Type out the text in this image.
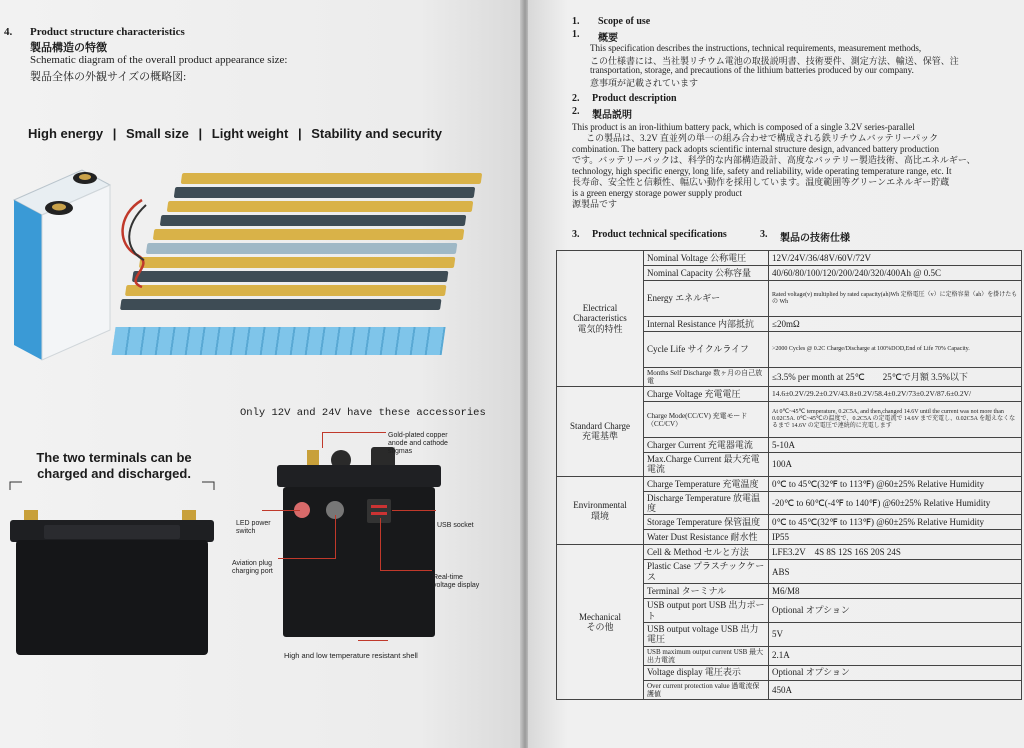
4. Product structure characteristics
製品構造の特徴
Schematic diagram of the overall product appearance size:
製品全体の外観サイズの概略図:
High energy | Small size | Light weight | Stability and security
Only 12V and 24V have these accessories
The two terminals can be charged and discharged.
Gold-plated copper anode and cathode stigmas
LED power switch
Aviation plug charging port
USB socket
Real-time voltage display
High and low temperature resistant shell
1. Scope of use
1. 概要
This specification describes the instructions, technical requirements, measurement methods,
この仕様書には、当社製リチウム電池の取扱説明書、技術要件、測定方法、輸送、保管、注
transportation, storage, and precautions of the lithium batteries produced by our company.
意事項が記載されています
2. Product description
2. 製品説明
This product is an iron-lithium battery pack, which is composed of a single 3.2V series-parallel
この製品は、3.2V 直並列の単一の組み合わせで構成される鉄リチウムバッテリーパック
combination. The battery pack adopts scientific internal structure design, advanced battery production
です。バッテリーパックは、科学的な内部構造設計、高度なバッテリー製造技術、高比エネルギー、
technology, high specific energy, long life, safety and reliability, wide operating temperature range, etc. It
長寿命、安全性と信頼性、幅広い動作を採用しています。温度範囲等グリーンエネルギー貯蔵
is a green energy storage power supply product
源製品です
3. Product technical specifications	3. 製品の技術仕様
Electrical Characteristics
電気的特性	Nominal Voltage 公称電圧	12V/24V/36/48V/60V/72V
	Nominal Capacity 公称容量	40/60/80/100/120/200/240/320/400Ah @ 0.5C
	Energy エネルギー	Rated voltage(v) multiplied by rated capacity(ah)Wh 定格電圧（v）に定格容量（ah）を掛けたもの Wh
	Internal Resistance 内部抵抗	≤20mΩ
	Cycle Life サイクルライフ	>2000 Cycles @ 0.2C Charge/Discharge at 100%DOD,End of Life 70% Capacity.
	Months Self Discharge 数ヶ月の自己放電	≤3.5% per month at 25℃　　25℃で月額 3.5%以下

Standard Charge
充電基準	Charge Voltage 充電電圧	14.6±0.2V/29.2±0.2V/43.8±0.2V/58.4±0.2V/73±0.2V/87.6±0.2V/
	Charge Mode(CC/CV) 充電モード（CC/CV）	At 0℃~45℃ temperature, 0.2C5A, and then,changed 14.6V until the current was not more than 0.02C5A. 0℃~45℃の温度で、0.2C5A の定電流で 14.6V まで充電し、0.02C5A を超えなくなるまで 14.6V の定電圧で連続的に充電します
	Charger Current 充電器電流	5-10A
	Max.Charge Current 最大充電電流	100A

Environmental
環境	Charge Temperature 充電温度	0℃ to 45℃(32℉ to 113℉) @60±25% Relative Humidity
	Discharge Temperature 放電温度	-20℃ to 60℃(-4℉ to 140℉) @60±25% Relative Humidity
	Storage Temperature 保管温度	0℃ to 45℃(32℉ to 113℉) @60±25% Relative Humidity
	Water Dust Resistance 耐水性	IP55

Mechanical
その他	Cell & Method セルと方法	LFE3.2V　4S 8S 12S 16S 20S 24S
	Plastic Case プラスチックケース	ABS
	Terminal ターミナル	M6/M8
	USB output port USB 出力ポート	Optional オプション
	USB output voltage USB 出力電圧	5V
	USB maximum output current USB 最大出力電流	2.1A
	Voltage display 電圧表示	Optional オプション
	Over current protection value 過電流保護値	450A
